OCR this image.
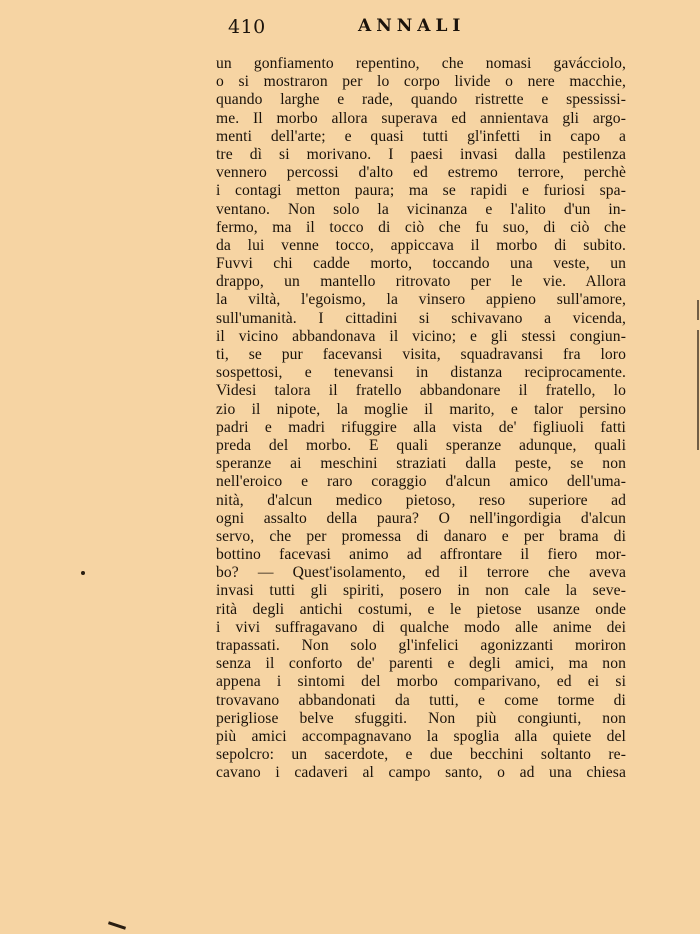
410	ANNALI
un gonfiamento repentino, che nomasi gavácciolo,
o si mostraron per lo corpo livide o nere macchie,
quando larghe e rade, quando ristrette e spessissi-
me. Il morbo allora superava ed annientava gli argo-
menti dell'arte; e quasi tutti gl'infetti in capo a
tre dì si morivano. I paesi invasi dalla pestilenza
vennero percossi d'alto ed estremo terrore, perchè
i contagi metton paura; ma se rapidi e furiosi spa-
ventano. Non solo la vicinanza e l'alito d'un in-
fermo, ma il tocco di ciò che fu suo, di ciò che
da lui venne tocco, appiccava il morbo di subito.
Fuvvi chi cadde morto, toccando una veste, un
drappo, un mantello ritrovato per le vie. Allora
la viltà, l'egoismo, la vinsero appieno sull'amore,
sull'umanità. I cittadini si schivavano a vicenda,
il vicino abbandonava il vicino; e gli stessi congiun-
ti, se pur facevansi visita, squadravansi fra loro
sospettosi, e tenevansi in distanza reciprocamente.
Videsi talora il fratello abbandonare il fratello, lo
zio il nipote, la moglie il marito, e talor persino
padri e madri rifuggire alla vista de' figliuoli fatti
preda del morbo. E quali speranze adunque, quali
speranze ai meschini straziati dalla peste, se non
nell'eroico e raro coraggio d'alcun amico dell'uma-
nità, d'alcun medico pietoso, reso superiore ad
ogni assalto della paura? O nell'ingordigia d'alcun
servo, che per promessa di danaro e per brama di
bottino facevasi animo ad affrontare il fiero mor-
bo? — Quest'isolamento, ed il terrore che aveva
invasi tutti gli spiriti, posero in non cale la seve-
rità degli antichi costumi, e le pietose usanze onde
i vivi suffragavano di qualche modo alle anime dei
trapassati. Non solo gl'infelici agonizzanti moriron
senza il conforto de' parenti e degli amici, ma non
appena i sintomi del morbo comparivano, ed ei si
trovavano abbandonati da tutti, e come torme di
perigliose belve sfuggiti. Non più congiunti, non
più amici accompagnavano la spoglia alla quiete del
sepolcro: un sacerdote, e due becchini soltanto re-
cavano i cadaveri al campo santo, o ad una chiesa
